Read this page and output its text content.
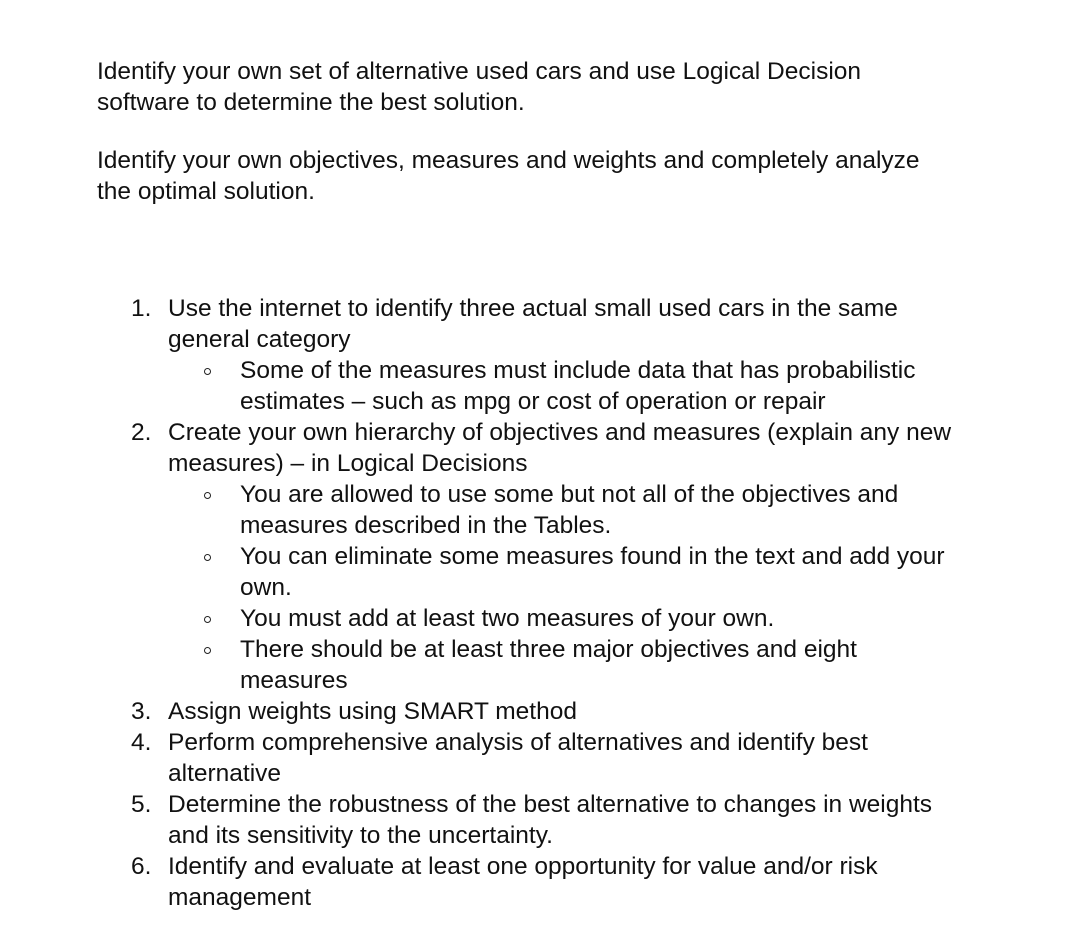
Identify your own set of alternative used cars and use Logical Decision
software to determine the best solution.

Identify your own objectives, measures and weights and completely analyze
the optimal solution.

1. Use the internet to identify three actual small used cars in the same
general category
Some of the measures must include data that has probabilistic
estimates – such as mpg or cost of operation or repair
2. Create your own hierarchy of objectives and measures (explain any new
measures) – in Logical Decisions
You are allowed to use some but not all of the objectives and
measures described in the Tables.
You can eliminate some measures found in the text and add your
own.
You must add at least two measures of your own.
There should be at least three major objectives and eight
measures
3. Assign weights using SMART method
4. Perform comprehensive analysis of alternatives and identify best
alternative
5. Determine the robustness of the best alternative to changes in weights
and its sensitivity to the uncertainty.
6. Identify and evaluate at least one opportunity for value and/or risk
management
